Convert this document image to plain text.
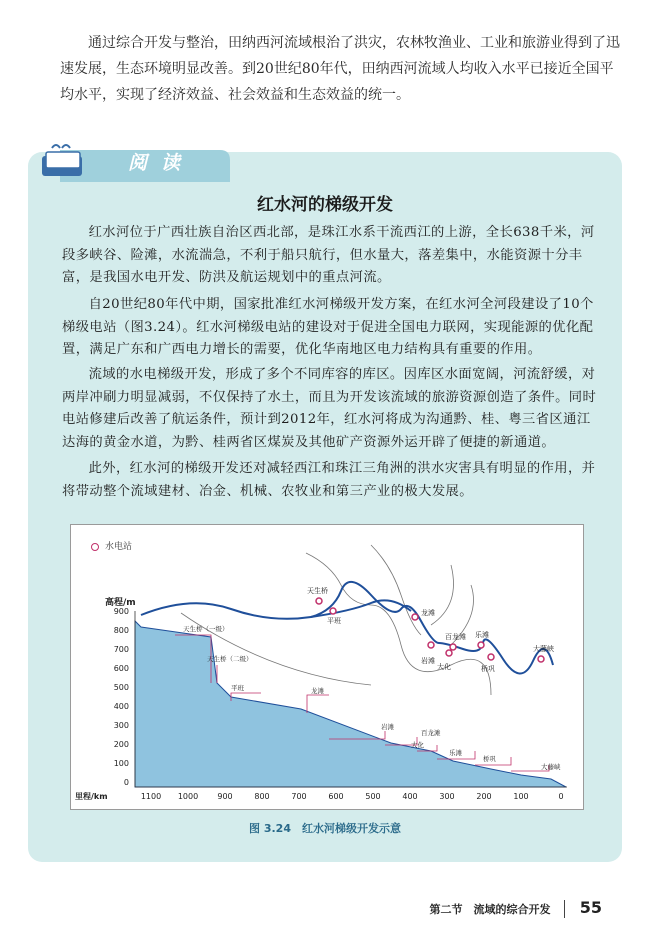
通过综合开发与整治，田纳西河流域根治了洪灾，农林牧渔业、工业和旅游业得到了迅速发展，生态环境明显改善。到20世纪80年代，田纳西河流域人均收入水平已接近全国平均水平，实现了经济效益、社会效益和生态效益的统一。

阅读
红水河的梯级开发

红水河位于广西壮族自治区西北部，是珠江水系干流西江的上游，全长638千米，河段多峡谷、险滩，水流湍急，不利于船只航行，但水量大，落差集中，水能资源十分丰富，是我国水电开发、防洪及航运规划中的重点河流。

自20世纪80年代中期，国家批准红水河梯级开发方案，在红水河全河段建设了10个梯级电站（图3.24）。红水河梯级电站的建设对于促进全国电力联网，实现能源的优化配置，满足广东和广西电力增长的需要，优化华南地区电力结构具有重要的作用。

流域的水电梯级开发，形成了多个不同库容的库区。因库区水面宽阔，河流舒缓，对两岸冲刷力明显减弱，不仅保持了水土，而且为开发该流域的旅游资源创造了条件。同时电站修建后改善了航运条件，预计到2012年，红水河将成为沟通黔、桂、粤三省区通江达海的黄金水道，为黔、桂两省区煤炭及其他矿产资源外运开辟了便捷的新通道。

此外，红水河的梯级开发还对减轻西江和珠江三角洲的洪水灾害具有明显的作用，并将带动整个流域建材、冶金、机械、农牧业和第三产业的极大发展。

水电站
天生桥
平班
龙滩
岩滩
百龙滩
大化
乐滩
桥巩
大藤峡
900
800
700
600
500
400
300
200
100
0
高程/m
1100 1000 900	800	700	600	500	400	300	200	100	0
里程/km
天生桥（一级）
天生桥（二级）
平班	龙滩
岩滩
大化
百龙滩
乐滩
桥巩
大藤峡

图 3.24　红水河梯级开发示意

第二节　流域的综合开发 55
